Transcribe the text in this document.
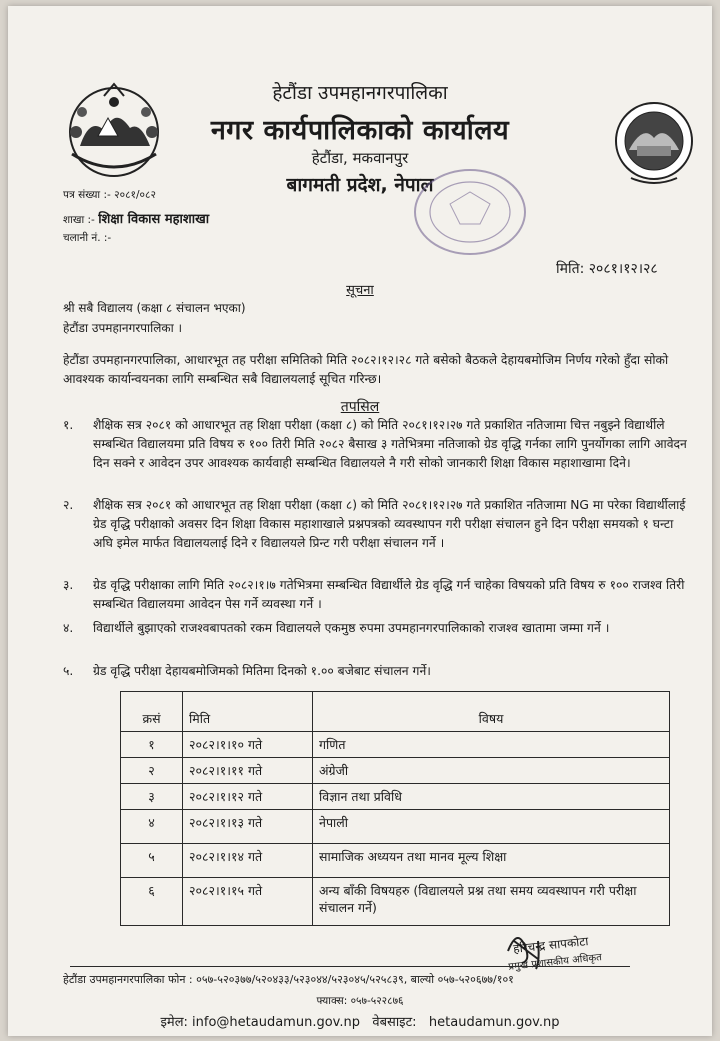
हेटौंडा उपमहानगरपालिका
नगर कार्यपालिकाको कार्यालय
हेटौंडा, मकवानपुर
बागमती प्रदेश, नेपाल
पत्र संख्या :- २०८१/०८२
शाखा :- शिक्षा विकास महाशाखा
चलानी नं. :-
मिति: २०८१।१२।२८
सूचना
श्री सबै विद्यालय (कक्षा ८ संचालन भएका)
हेटौंडा उपमहानगरपालिका ।
हेटौंडा उपमहानगरपालिका, आधारभूत तह परीक्षा समितिको मिति २०८२।१२।२८ गते बसेको बैठकले देहायबमोजिम निर्णय गरेको हुँदा सोको आवश्यक कार्यान्वयनका लागि सम्बन्धित सबै विद्यालयलाई सूचित गरिन्छ।
तपसिल
१.	शैक्षिक सत्र २०८१ को आधारभूत तह शिक्षा परीक्षा (कक्षा ८) को मिति २०८१।१२।२७ गते प्रकाशित नतिजामा चित्त नबुझ्ने विद्यार्थीले सम्बन्धित विद्यालयमा प्रति विषय रु १०० तिरी मिति २०८२ बैसाख ३ गतेभित्रमा नतिजाको ग्रेड वृद्धि गर्नका लागि पुनर्योगका लागि आवेदन दिन सक्ने र आवेदन उपर आवश्यक कार्यवाही सम्बन्धित विद्यालयले नै गरी सोको जानकारी शिक्षा विकास महाशाखामा दिने।
२.	शैक्षिक सत्र २०८१ को आधारभूत तह शिक्षा परीक्षा (कक्षा ८) को मिति २०८१।१२।२७ गते प्रकाशित नतिजामा NG मा परेका विद्यार्थीलाई ग्रेड वृद्धि परीक्षाको अवसर दिन शिक्षा विकास महाशाखाले प्रश्नपत्रको व्यवस्थापन गरी परीक्षा संचालन हुने दिन परीक्षा समयको १ घन्टा अघि इमेल मार्फत विद्यालयलाई दिने र विद्यालयले प्रिन्ट गरी परीक्षा संचालन गर्ने ।
३.	ग्रेड वृद्धि परीक्षाका लागि मिति २०८२।१।७ गतेभित्रमा सम्बन्धित विद्यार्थीले ग्रेड वृद्धि गर्न चाहेका विषयको प्रति विषय रु १०० राजश्व तिरी सम्बन्धित विद्यालयमा आवेदन पेस गर्ने व्यवस्था गर्ने ।
४.	विद्यार्थीले बुझाएको राजश्वबापतको रकम विद्यालयले एकमुष्ठ रुपमा उपमहानगरपालिकाको राजश्व खातामा जम्मा गर्ने ।
५.	ग्रेड वृद्धि परीक्षा देहायबमोजिमको मितिमा दिनको १.०० बजेबाट संचालन गर्ने।
क्रसं	मिति	विषय
१	२०८२।१।१० गते	गणित
२	२०८२।१।११ गते	अंग्रेजी
३	२०८२।१।१२ गते	विज्ञान तथा प्रविधि
४	२०८२।१।१३ गते	नेपाली
५	२०८२।१।१४ गते	सामाजिक अध्ययन तथा मानव मूल्य शिक्षा
६	२०८२।१।१५ गते	अन्य बाँकी विषयहरु (विद्यालयले प्रश्न तथा समय व्यवस्थापन गरी परीक्षा संचालन गर्ने)
हरिचन्द्र सापकोटा
प्रमुख प्रशासकीय अधिकृत
हेटौंडा उपमहानगरपालिका फोन : ०५७-५२०३७७/५२०४३३/५२३०४४/५२३०४५/५२५८३९, बाल्यो ०५७-५२०६७७/१०१
फ्याक्स: ०५७-५२२८७६
इमेल: info@hetaudamun.gov.np वेबसाइट: hetaudamun.gov.np
